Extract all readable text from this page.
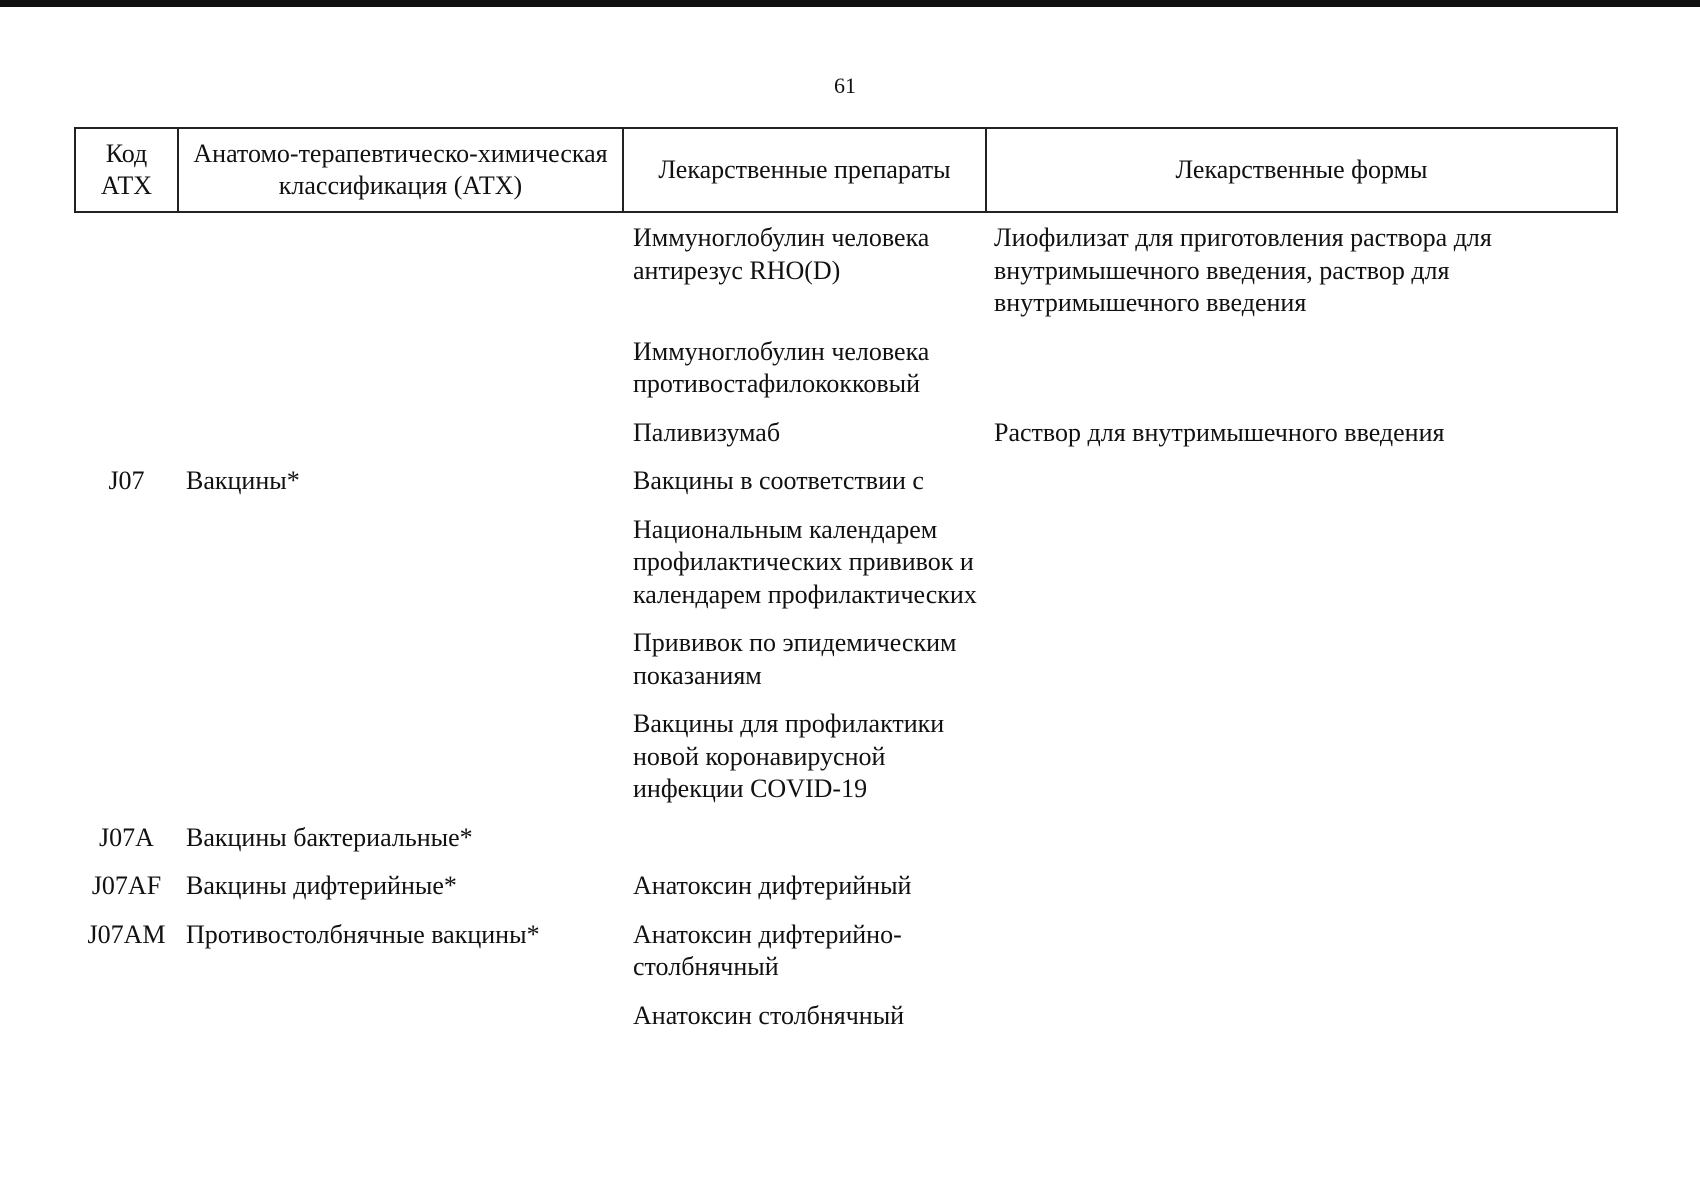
61
Код АТХ	Анатомо-терапевтическо-химическая классификация (АТХ)	Лекарственные препараты	Лекарственные формы
		Иммуноглобулин человека антирезус RHO(D)	Лиофилизат для приготовления раствора для внутримышечного введения, раствор для внутримышечного введения
		Иммуноглобулин человека противостафилококковый	
		Паливизумаб	Раствор для внутримышечного введения
J07	Вакцины*	Вакцины в соответствии с	
		Национальным календарем профилактических прививок и календарем профилактических	
		Прививок по эпидемическим показаниям	
		Вакцины для профилактики новой коронавирусной инфекции COVID-19	
J07A	Вакцины бактериальные*		
J07AF	Вакцины дифтерийные*	Анатоксин дифтерийный	
J07AM	Противостолбнячные вакцины*	Анатоксин дифтерийно-столбнячный	
		Анатоксин столбнячный	
